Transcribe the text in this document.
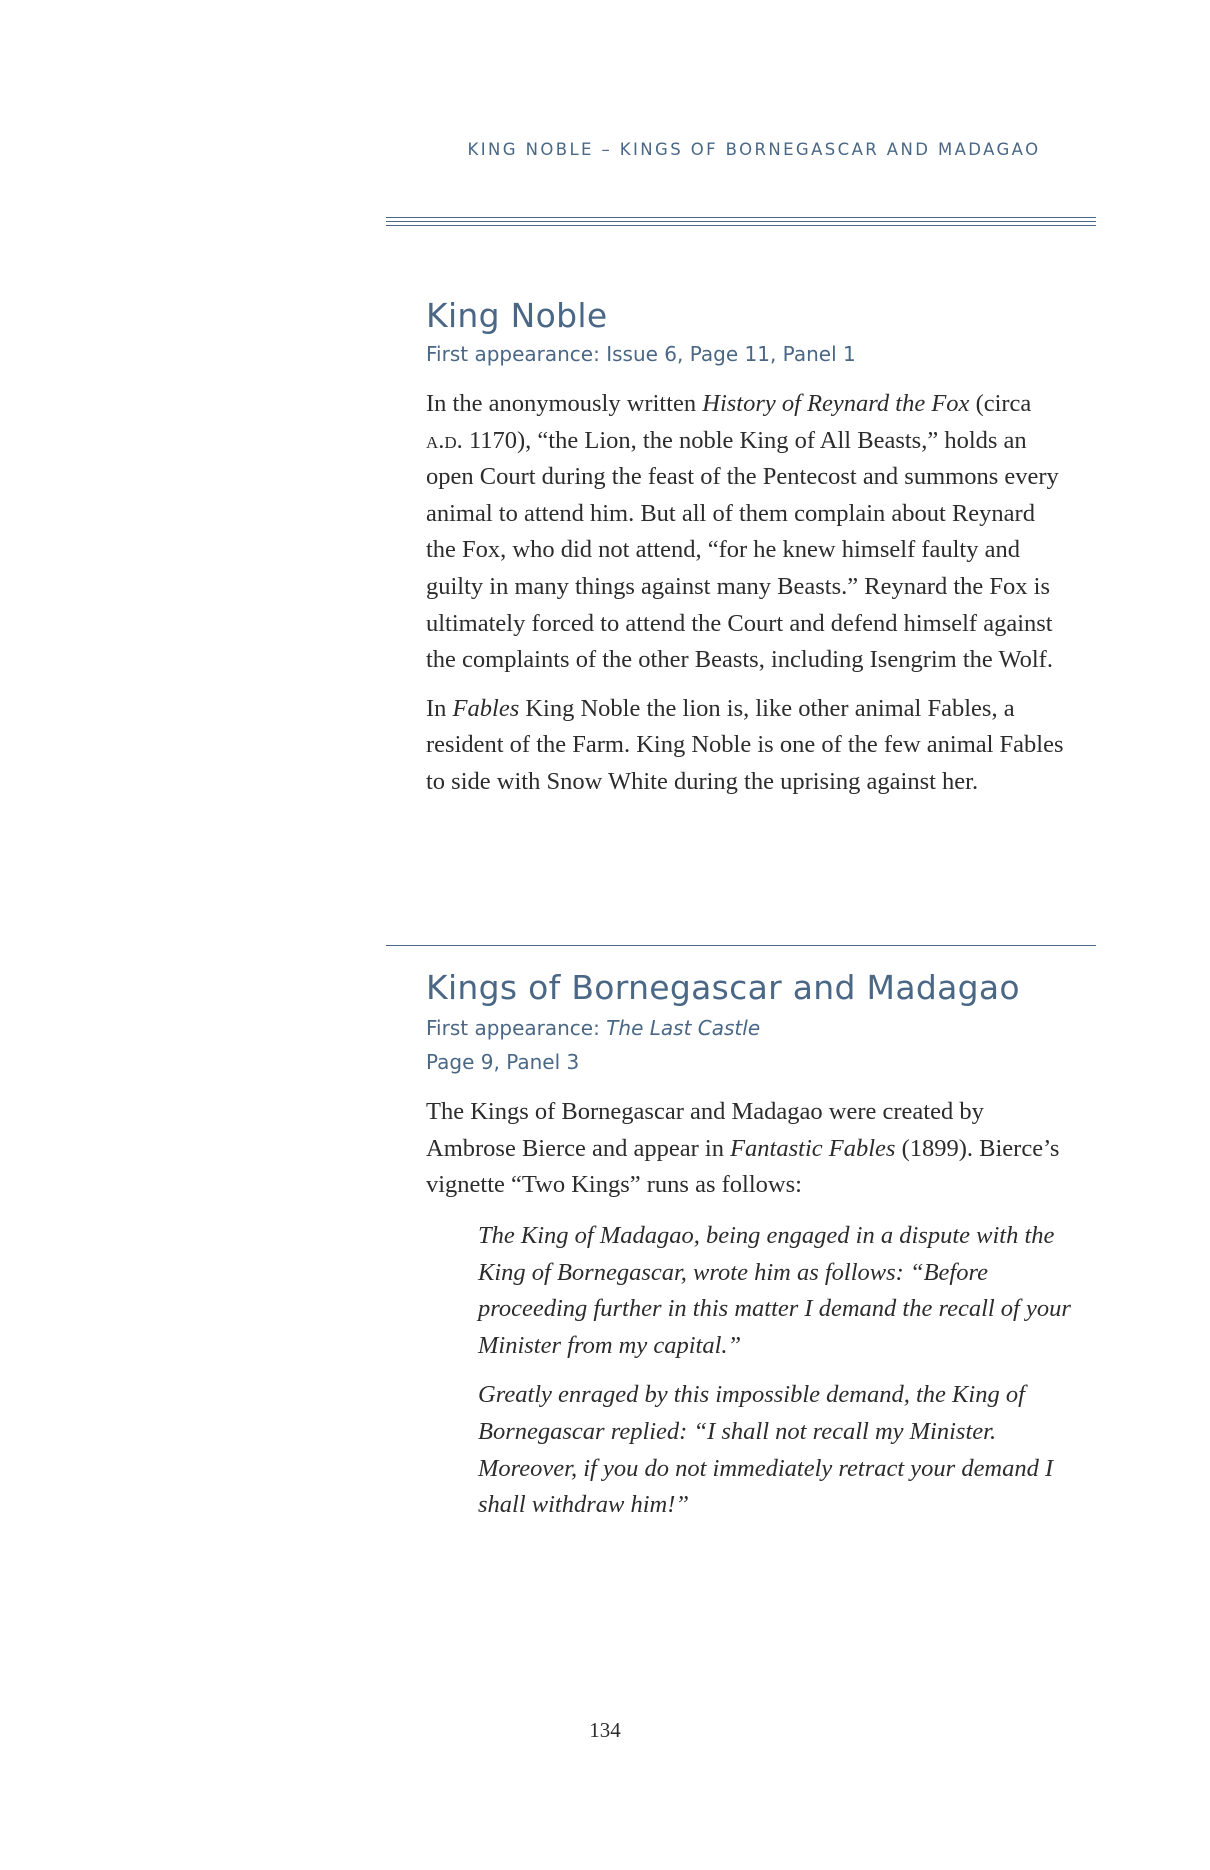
KING NOBLE – KINGS OF BORNEGASCAR AND MADAGAO
King Noble
First appearance: Issue 6, Page 11, Panel 1

In the anonymously written History of Reynard the Fox (circa a.d. 1170), “the Lion, the noble King of All Beasts,” holds an open Court during the feast of the Pentecost and summons every animal to attend him. But all of them complain about Reynard the Fox, who did not attend, “for he knew himself faulty and guilty in many things against many Beasts.” Reynard the Fox is ultimately forced to attend the Court and defend himself against the complaints of the other Beasts, including Isengrim the Wolf.

In Fables King Noble the lion is, like other animal Fables, a resident of the Farm. King Noble is one of the few animal Fables to side with Snow White during the uprising against her.

Kings of Bornegascar and Madagao
First appearance: The Last Castle
Page 9, Panel 3

The Kings of Bornegascar and Madagao were created by Ambrose Bierce and appear in Fantastic Fables (1899). Bierce’s vignette “Two Kings” runs as follows:

The King of Madagao, being engaged in a dispute with the King of Bornegascar, wrote him as follows: “Before proceeding further in this matter I demand the recall of your Minister from my capital.”

Greatly enraged by this impossible demand, the King of Bornegascar replied: “I shall not recall my Minister. Moreover, if you do not immediately retract your demand I shall withdraw him!”

134
